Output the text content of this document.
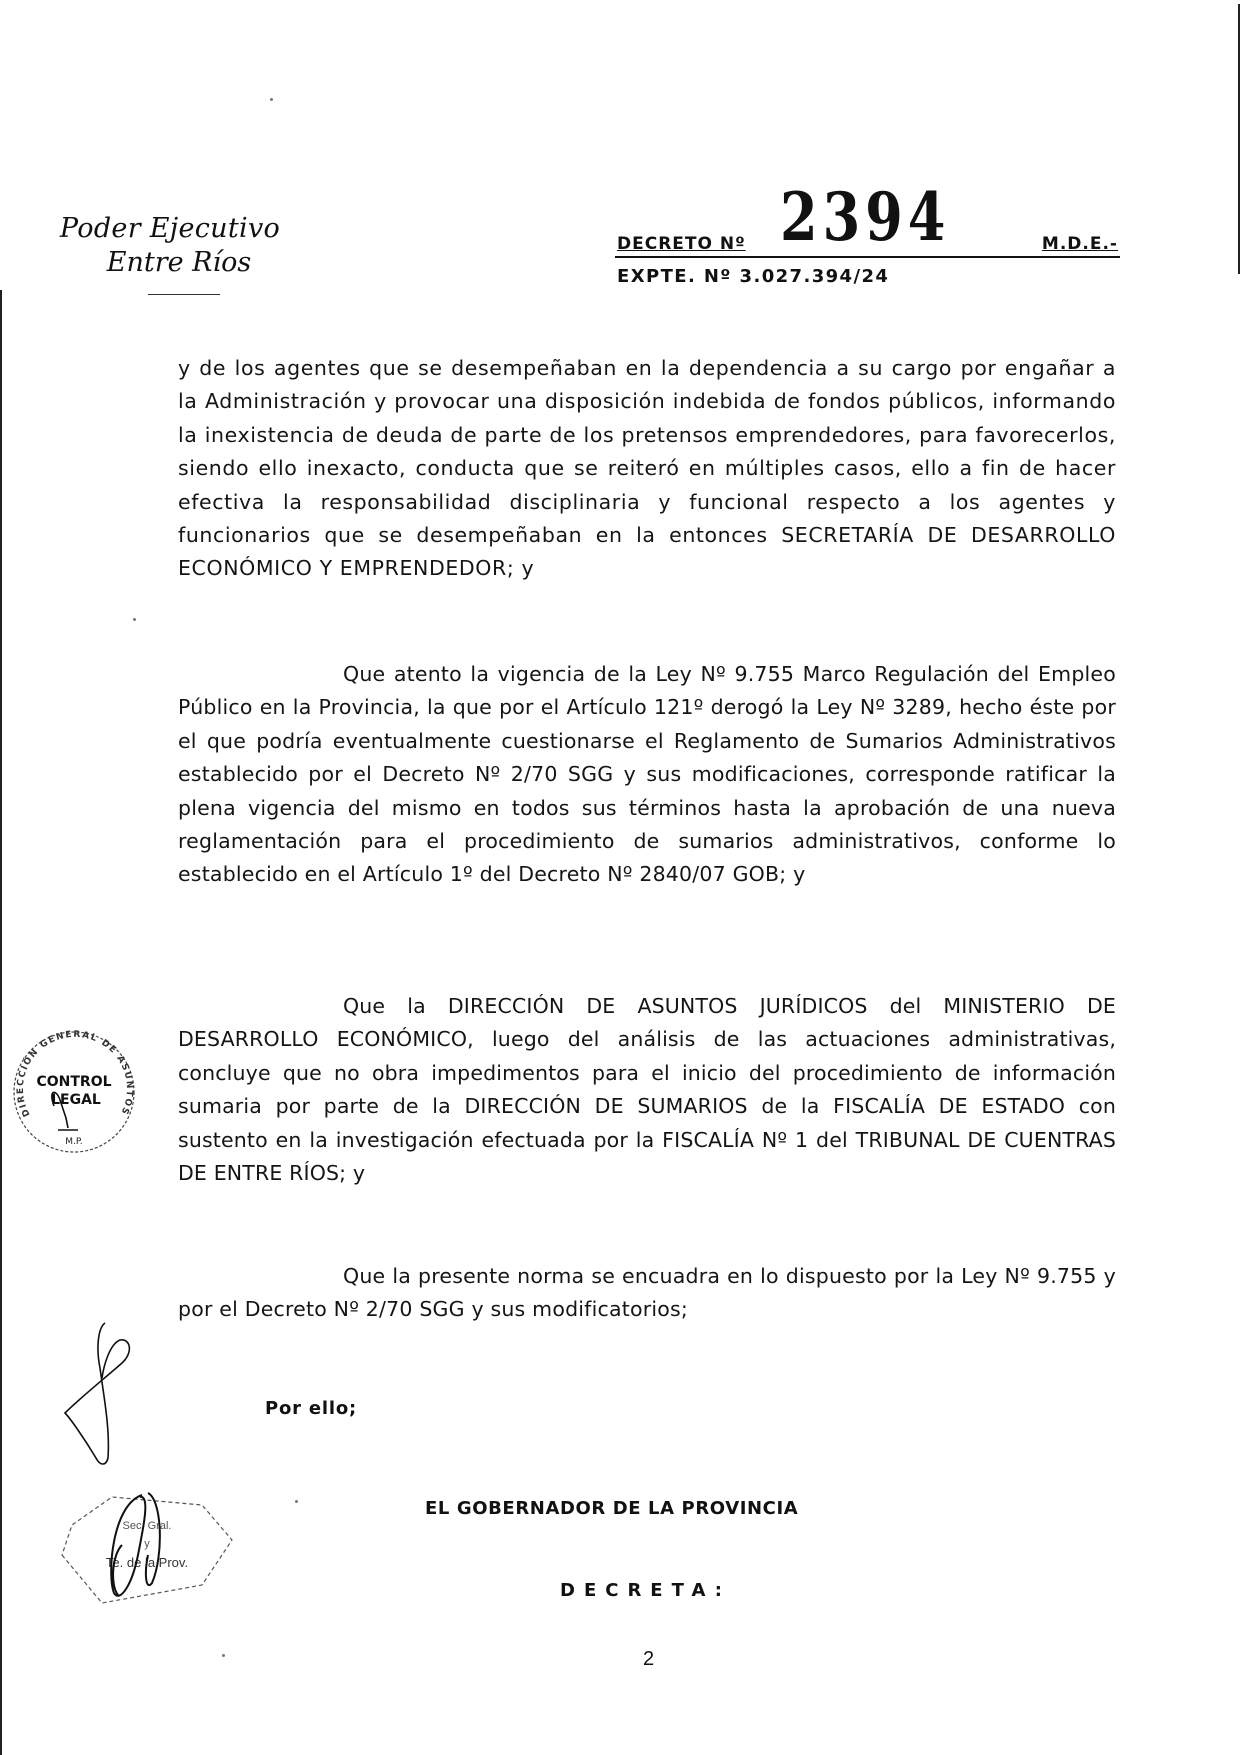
Poder Ejecutivo
Entre Ríos
DECRETO Nº 2394	M.D.E.-
EXPTE. Nº 3.027.394/24
y de los agentes que se desempeñaban en la dependencia a su cargo por engañar a la Administración y provocar una disposición indebida de fondos públicos, informando la inexistencia de deuda de parte de los pretensos emprendedores, para favorecerlos, siendo ello inexacto, conducta que se reiteró en múltiples casos, ello a fin de hacer efectiva la responsabilidad disciplinaria y funcional respecto a los agentes y funcionarios que se desempeñaban en la entonces SECRETARÍA DE DESARROLLO ECONÓMICO Y EMPRENDEDOR; y
Que atento la vigencia de la Ley Nº 9.755 Marco Regulación del Empleo Público en la Provincia, la que por el Artículo 121º derogó la Ley Nº 3289, hecho éste por el que podría eventualmente cuestionarse el Reglamento de Sumarios Administrativos establecido por el Decreto Nº 2/70 SGG y sus modificaciones, corresponde ratificar la plena vigencia del mismo en todos sus términos hasta la aprobación de una nueva reglamentación para el procedimiento de sumarios administrativos, conforme lo establecido en el Artículo 1º del Decreto Nº 2840/07 GOB; y
Que la DIRECCIÓN DE ASUNTOS JURÍDICOS del MINISTERIO DE DESARROLLO ECONÓMICO, luego del análisis de las actuaciones administrativas, concluye que no obra impedimentos para el inicio del procedimiento de información sumaria por parte de la DIRECCIÓN DE SUMARIOS de la FISCALÍA DE ESTADO con sustento en la investigación efectuada por la FISCALÍA Nº 1 del TRIBUNAL DE CUENTRAS DE ENTRE RÍOS; y
Que la presente norma se encuadra en lo dispuesto por la Ley Nº 9.755 y por el Decreto Nº 2/70 SGG y sus modificatorios;
Por ello;
EL GOBERNADOR DE LA PROVINCIA
DECRETA:
DIRECCIÓN GENERAL DE ASUNTOS
CONTROL
LEGAL
M.P.
Sec. Gral.
y
Te. de la Prov.
2
